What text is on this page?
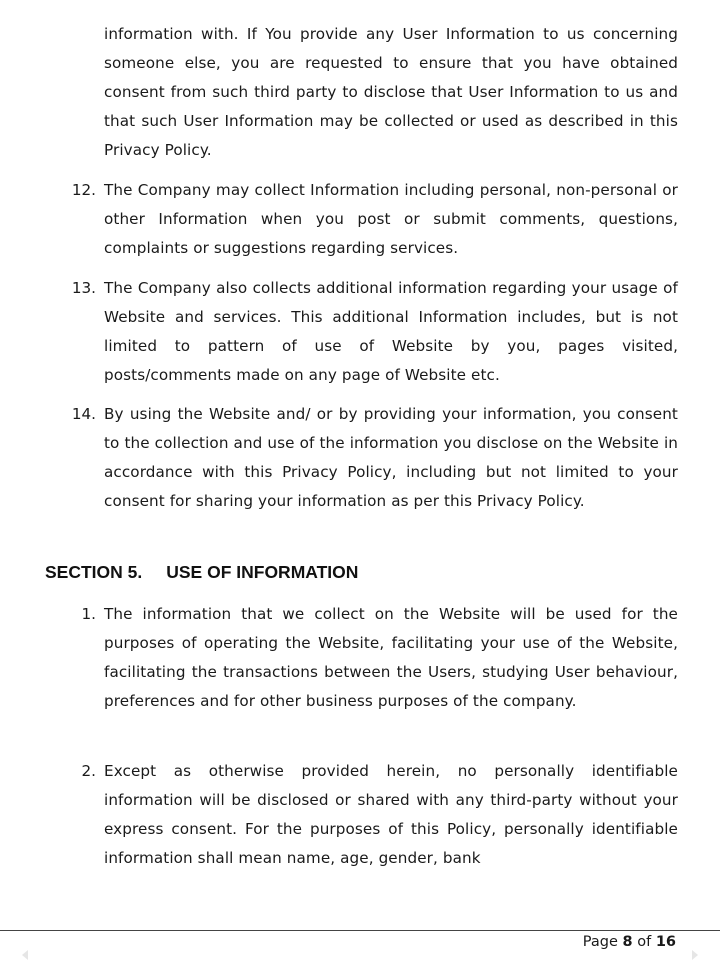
information with. If You provide any User Information to us concerning someone else, you are requested to ensure that you have obtained consent from such third party to disclose that User Information to us and that such User Information may be collected or used as described in this Privacy Policy.
12. The Company may collect Information including personal, non-personal or other Information when you post or submit comments, questions, complaints or suggestions regarding services.
13. The Company also collects additional information regarding your usage of Website and services. This additional Information includes, but is not limited to pattern of use of Website by you, pages visited, posts/comments made on any page of Website etc.
14. By using the Website and/ or by providing your information, you consent to the collection and use of the information you disclose on the Website in accordance with this Privacy Policy, including but not limited to your consent for sharing your information as per this Privacy Policy.
SECTION 5. USE OF INFORMATION
1. The information that we collect on the Website will be used for the purposes of operating the Website, facilitating your use of the Website, facilitating the transactions between the Users, studying User behaviour, preferences and for other business purposes of the company.
2. Except as otherwise provided herein, no personally identifiable information will be disclosed or shared with any third-party without your express consent. For the purposes of this Policy, personally identifiable information shall mean name, age, gender, bank
Page 8 of 16
